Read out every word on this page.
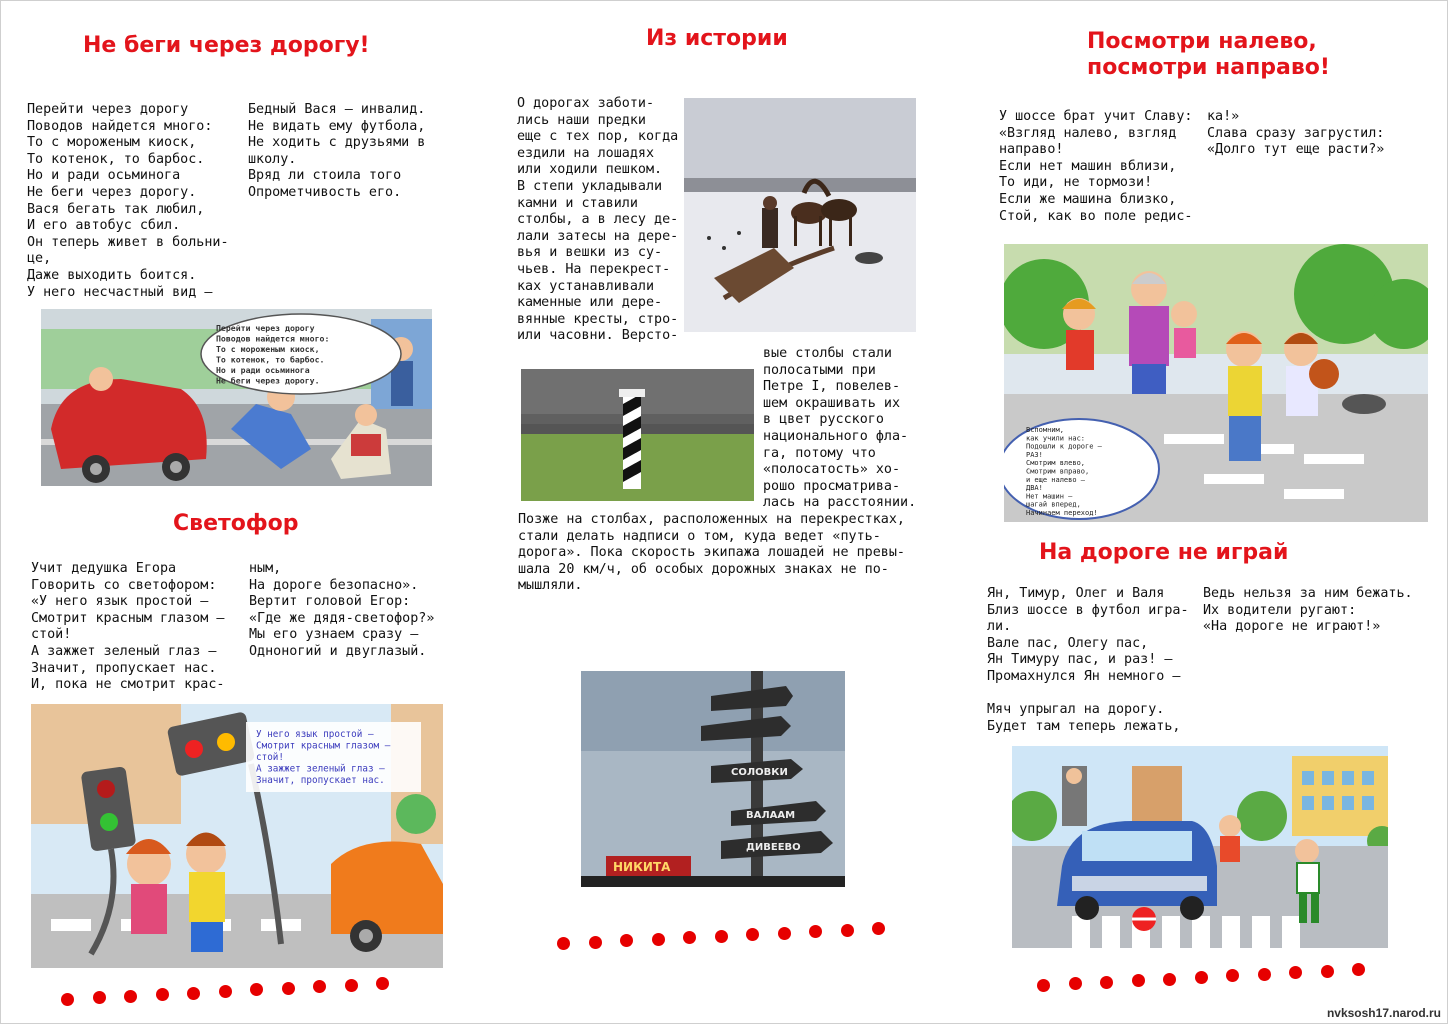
Не беги через дорогу!
Перейти через дорогу
Поводов найдется много:
То с мороженым киоск,
То котенок, то барбос.
Но и ради осьминога
Не беги через дорогу.
Вася бегать так любил,
И его автобус сбил.
Он теперь живет в больни-
це,
Даже выходить боится.
У него несчастный вид –
Бедный Вася – инвалид.
Не видать ему футбола,
Не ходить с друзьями в
школу.
Вряд ли стоила того
Опрометчивость его.
Перейти через дорогу Поводов найдется много: То с мороженым киоск, То котенок, то барбос. Но и ради осьминога Не беги через дорогу.
Светофор
Учит дедушка Егора
Говорить со светофором:
«У него язык простой –
Смотрит красным глазом –
стой!
А зажжет зеленый глаз –
Значит, пропускает нас.
И, пока не смотрит крас-
ным,
На дороге безопасно».
Вертит головой Егор:
«Где же дядя-светофор?»
Мы его узнаем сразу –
Одноногий и двуглазый.
У него язык простой – Смотрит красным глазом – стой! А зажжет зеленый глаз – Значит, пропускает нас.
Из истории
О дорогах заботи-
лись наши предки
еще с тех пор, когда
ездили на лошадях
или ходили пешком.
В степи укладывали
камни и ставили
столбы, а в лесу де-
лали затесы на дере-
вья и вешки из су-
чьев. На перекрест-
ках устанавливали
каменные или дере-
вянные кресты, стро-
или часовни. Версто-
вые столбы стали
полосатыми при
Петре I, повелев-
шем окрашивать их
в цвет русского
национального фла-
га, потому что
«полосатость» хо-
рошо просматрива-
лась на расстоянии.
Позже на столбах, расположенных на перекрестках,
стали делать надписи о том, куда ведет «путь-
дорога». Пока скорость экипажа лошадей не превы-
шала 20 км/ч, об особых дорожных знаках не по-
мышляли.
СОЛОВКИ
ВАЛААМ
ДИВЕЕВО
НИКИТА
Посмотри налево,
посмотри направо!
У шоссе брат учит Славу:
«Взгляд налево, взгляд
направо!
Если нет машин вблизи,
То иди, не тормози!
Если же машина близко,
Стой, как во поле редис-
ка!»
Слава сразу загрустил:
«Долго тут еще расти?»
Вспомним, как учили нас: Подошли к дороге – РАЗ! Смотрим влево, Смотрим вправо, и еще налево – ДВА! Нет машин – шагай вперед, Начинаем переход!
На дороге не играй
Ян, Тимур, Олег и Валя
Близ шоссе в футбол игра-
ли.
Вале пас, Олегу пас,
Ян Тимуру пас, и раз! –
Промахнулся Ян немного –

Мяч упрыгал на дорогу.
Будет там теперь лежать,
Ведь нельзя за ним бежать.
Их водители ругают:
«На дороге не играют!»
nvksosh17.narod.ru
